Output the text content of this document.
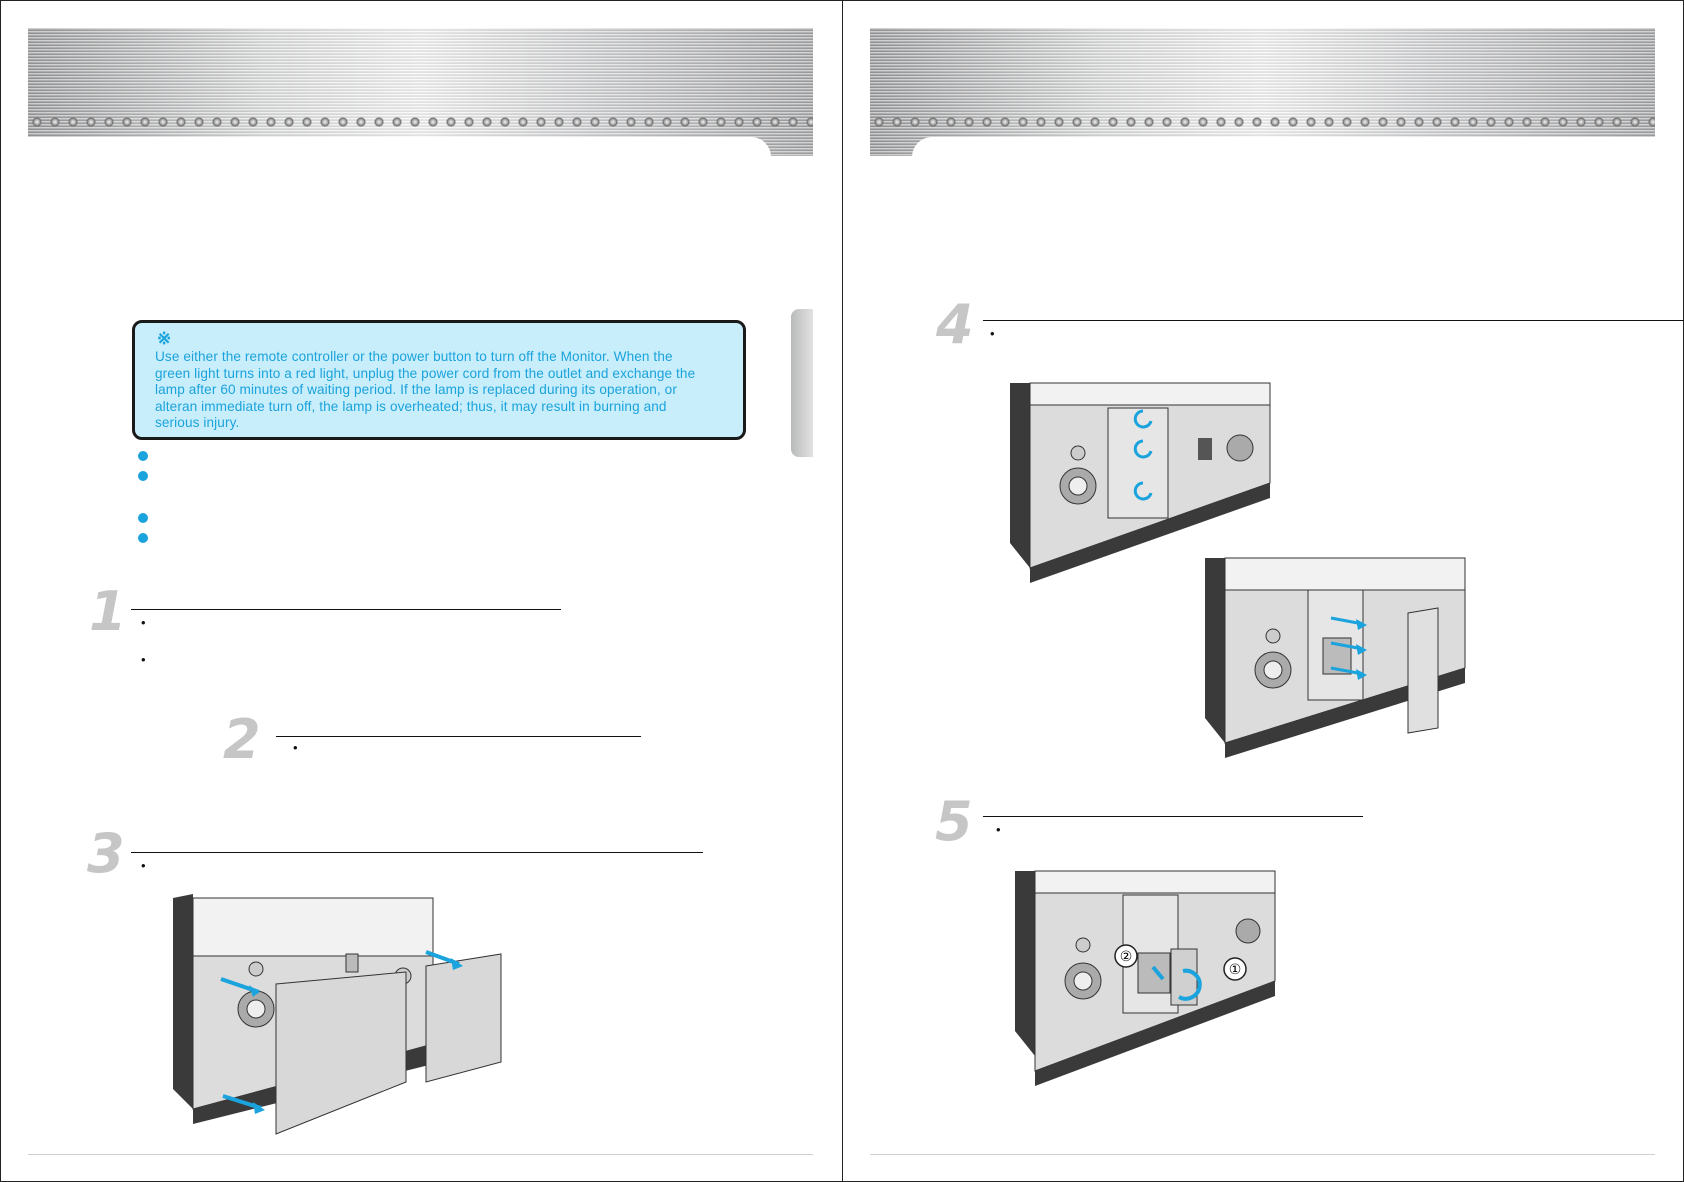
※

Use either the remote controller or the power button to turn off the Monitor. When the

green light turns into a red light, unplug the power cord from the outlet and exchange the

lamp after 60 minutes of waiting period. If the lamp is replaced during its operation, or

alteran immediate turn off, the lamp is overheated; thus, it may result in burning and

serious injury.

1 •
•
2 •
3 •
4 •
5 •
①
②
